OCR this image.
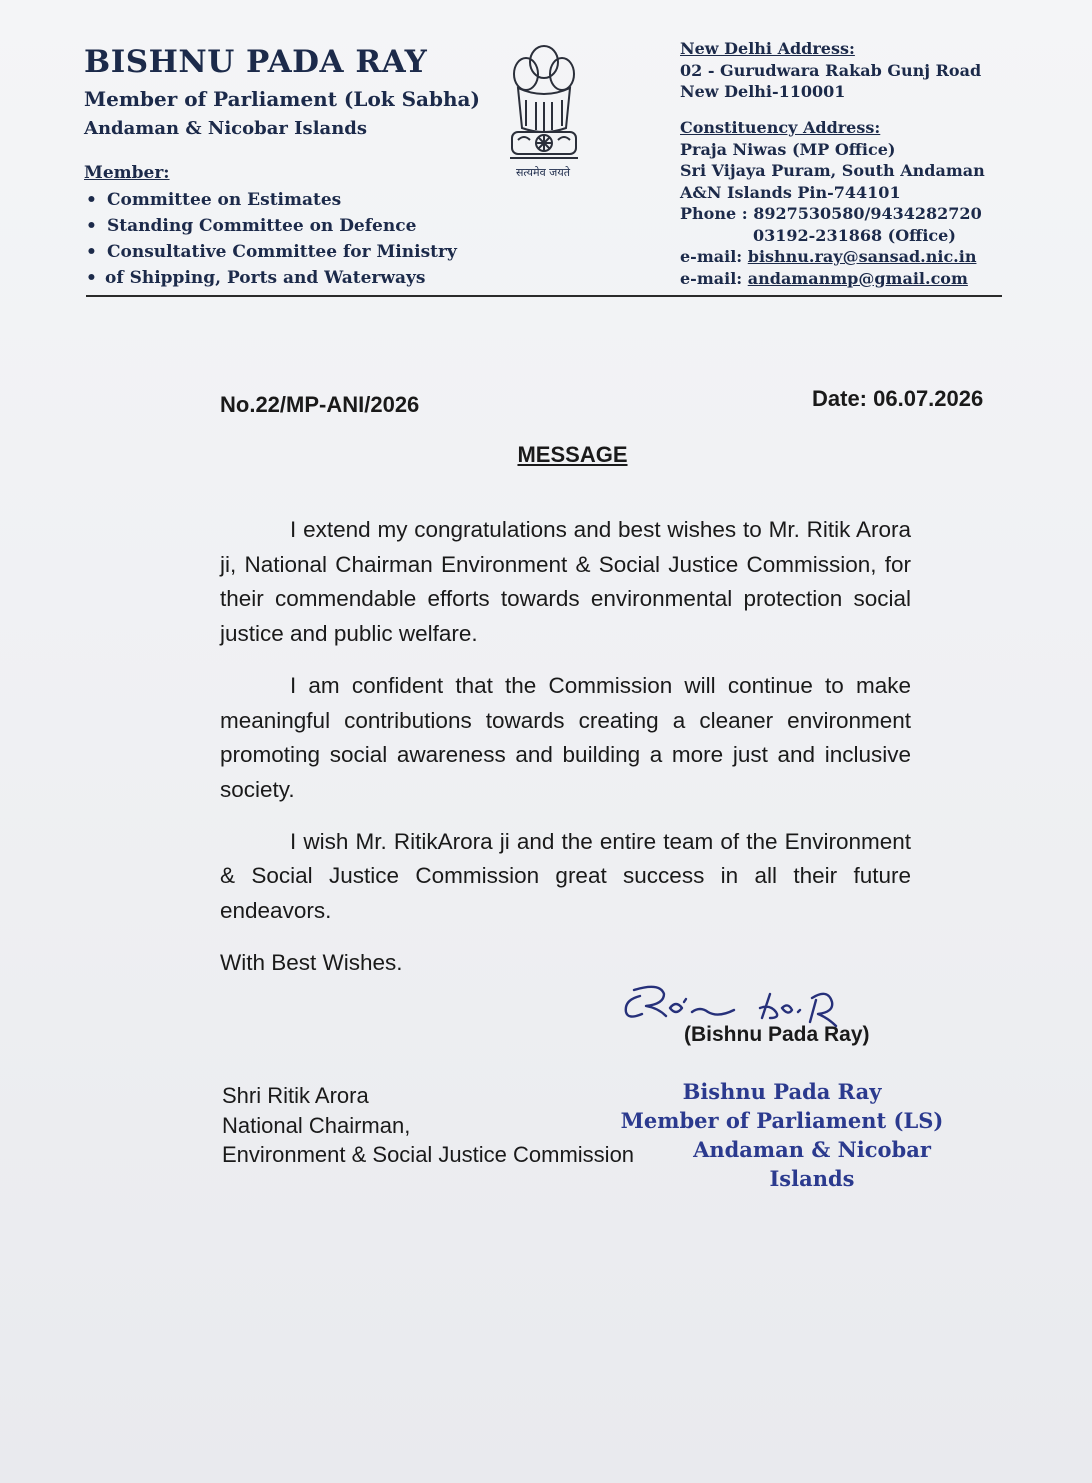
BISHNU PADA RAY
Member of Parliament (Lok Sabha)
Andaman & Nicobar Islands
Member:
• Committee on Estimates
• Standing Committee on Defence
• Consultative Committee for Ministry
• of Shipping, Ports and Waterways
सत्यमेव जयते
New Delhi Address:
02 - Gurudwara Rakab Gunj Road
New Delhi-110001
Constituency Address:
Praja Niwas (MP Office)
Sri Vijaya Puram, South Andaman
A&N Islands Pin-744101
Phone : 8927530580/9434282720
03192-231868 (Office)
e-mail: bishnu.ray@sansad.nic.in
e-mail: andamanmp@gmail.com
No.22/MP-ANI/2026	Date: 06.07.2026
MESSAGE

I extend my congratulations and best wishes to Mr. Ritik Arora ji, National Chairman Environment & Social Justice Commission, for their commendable efforts towards environmental protection social justice and public welfare.

I am confident that the Commission will continue to make meaningful contributions towards creating a cleaner environment promoting social awareness and building a more just and inclusive society.

I wish Mr. RitikArora ji and the entire team of the Environment & Social Justice Commission great success in all their future endeavors.

With Best Wishes.
(Bishnu Pada Ray)
Shri Ritik Arora
National Chairman,
Environment & Social Justice Commission
Bishnu Pada Ray
Member of Parliament (LS)
Andaman & Nicobar Islands
